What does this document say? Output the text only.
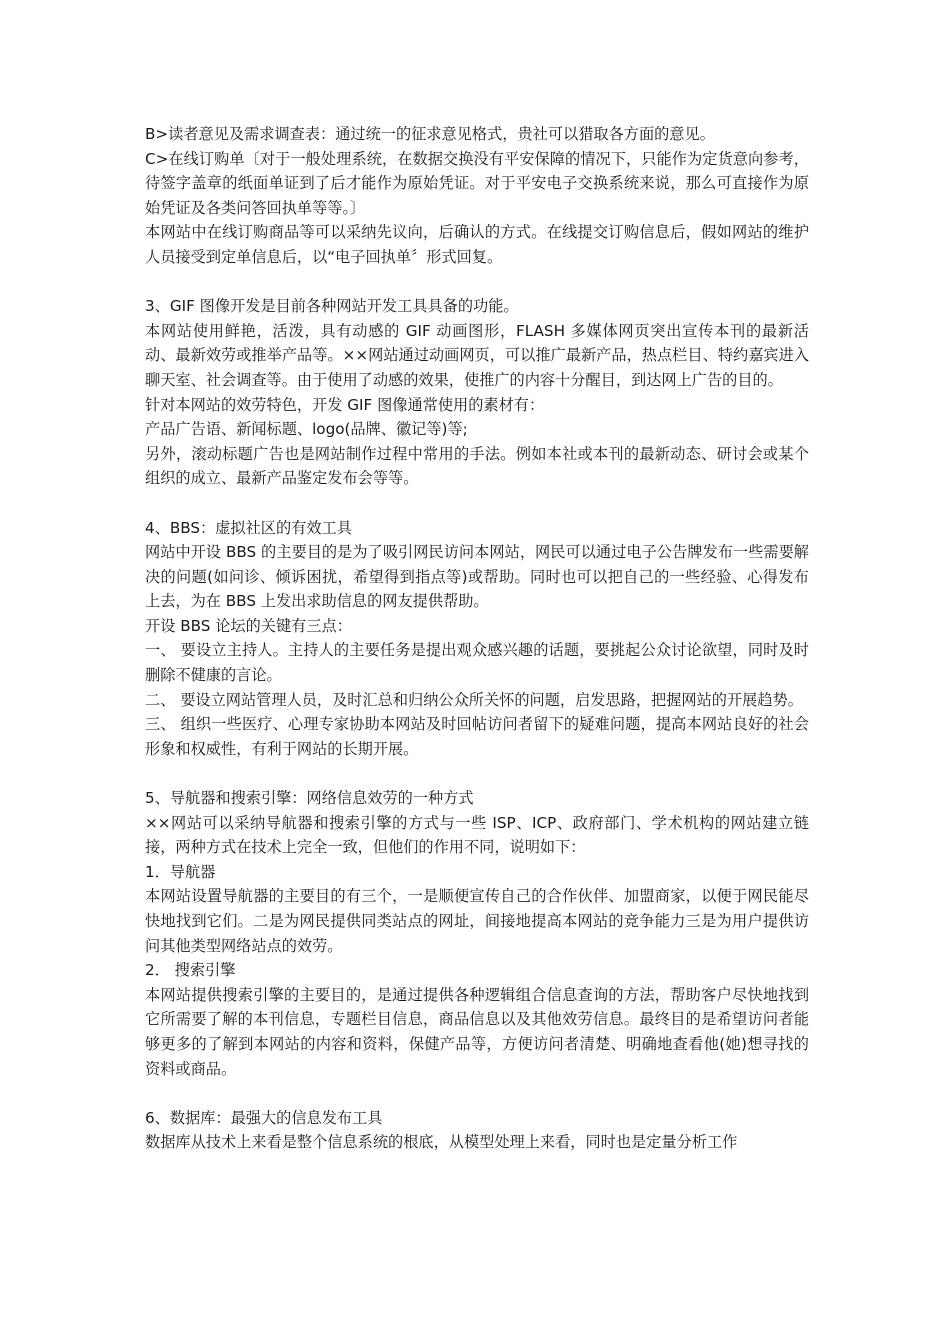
B>读者意见及需求调查表：通过统一的征求意见格式，贵社可以猎取各方面的意见。

C>在线订购单〔对于一般处理系统，在数据交换没有平安保障的情况下，只能作为定货意向参考，待签字盖章的纸面单证到了后才能作为原始凭证。对于平安电子交换系统来说，那么可直接作为原始凭证及各类问答回执单等等。〕

本网站中在线订购商品等可以采纳先议向，后确认的方式。在线提交订购信息后，假如网站的维护人员接受到定单信息后，以“电子回执单〞形式回复。

3、GIF 图像开发是目前各种网站开发工具具备的功能。

本网站使用鲜艳，活泼，具有动感的 GIF 动画图形，FLASH 多媒体网页突出宣传本刊的最新活动、最新效劳或推举产品等。××网站通过动画网页，可以推广最新产品，热点栏目、特约嘉宾进入聊天室、社会调查等。由于使用了动感的效果，使推广的内容十分醒目，到达网上广告的目的。

针对本网站的效劳特色，开发 GIF 图像通常使用的素材有：

产品广告语、新闻标题、logo(品牌、徽记等)等;

另外，滚动标题广告也是网站制作过程中常用的手法。例如本社或本刊的最新动态、研讨会或某个组织的成立、最新产品鉴定发布会等等。

4、BBS：虚拟社区的有效工具

网站中开设 BBS 的主要目的是为了吸引网民访问本网站，网民可以通过电子公告牌发布一些需要解决的问题(如问诊、倾诉困扰，希望得到指点等)或帮助。同时也可以把自己的一些经验、心得发布上去，为在 BBS 上发出求助信息的网友提供帮助。

开设 BBS 论坛的关键有三点：

一、 要设立主持人。主持人的主要任务是提出观众感兴趣的话题，要挑起公众讨论欲望，同时及时删除不健康的言论。

二、 要设立网站管理人员，及时汇总和归纳公众所关怀的问题，启发思路，把握网站的开展趋势。

三、 组织一些医疗、心理专家协助本网站及时回帖访问者留下的疑难问题，提高本网站良好的社会形象和权威性，有利于网站的长期开展。

5、导航器和搜索引擎：网络信息效劳的一种方式

××网站可以采纳导航器和搜索引擎的方式与一些 ISP、ICP、政府部门、学术机构的网站建立链接，两种方式在技术上完全一致，但他们的作用不同，说明如下：

1．导航器

本网站设置导航器的主要目的有三个，一是顺便宣传自己的合作伙伴、加盟商家，以便于网民能尽快地找到它们。二是为网民提供同类站点的网址，间接地提高本网站的竞争能力三是为用户提供访问其他类型网络站点的效劳。

2． 搜索引擎

本网站提供搜索引擎的主要目的，是通过提供各种逻辑组合信息查询的方法，帮助客户尽快地找到它所需要了解的本刊信息，专题栏目信息，商品信息以及其他效劳信息。最终目的是希望访问者能够更多的了解到本网站的内容和资料，保健产品等，方便访问者清楚、明确地查看他(她)想寻找的资料或商品。

6、数据库：最强大的信息发布工具

数据库从技术上来看是整个信息系统的根底，从模型处理上来看，同时也是定量分析工作
